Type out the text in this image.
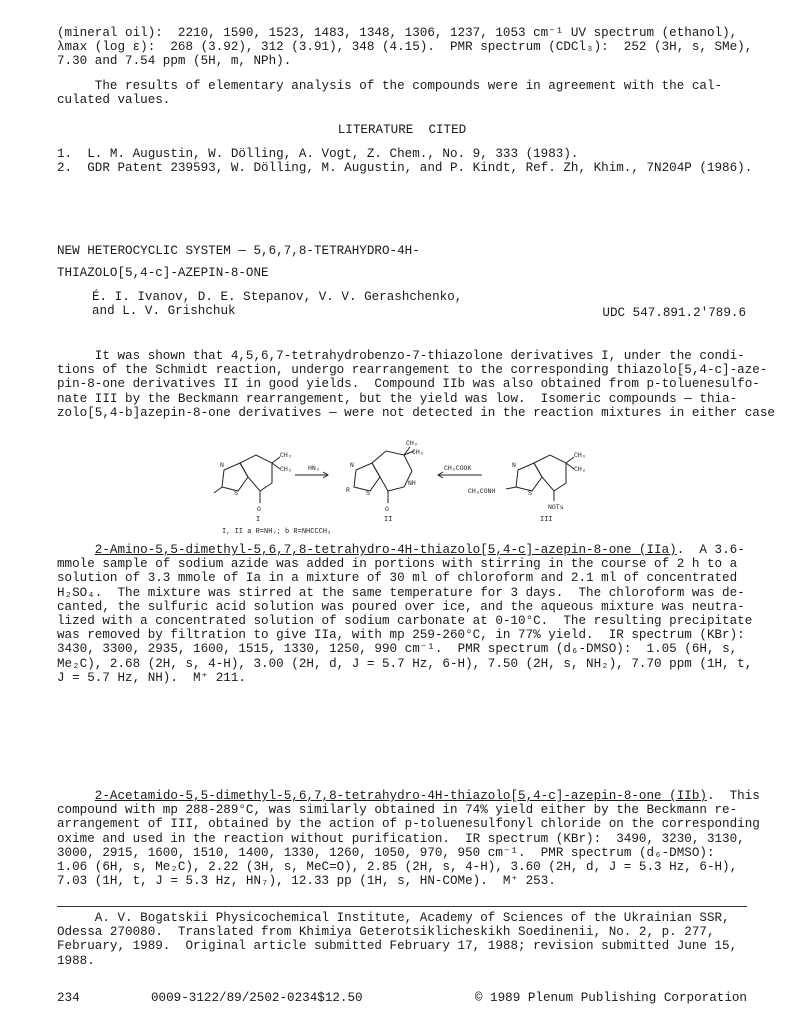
(mineral oil):  2210, 1590, 1523, 1483, 1348, 1306, 1237, 1053 cm⁻¹ UV spectrum (ethanol),
λmax (log ε):  268 (3.92), 312 (3.91), 348 (4.15).  PMR spectrum (CDCl₃):  252 (3H, s, SMe),
7.30 and 7.54 ppm (5H, m, NPh).
The results of elementary analysis of the compounds were in agreement with the cal-
culated values.
LITERATURE  CITED
1.  L. M. Augustin, W. Dölling, A. Vogt, Z. Chem., No. 9, 333 (1983).
2.  GDR Patent 239593, W. Dölling, M. Augustin, and P. Kindt, Ref. Zh, Khim., 7N204P (1986).
NEW HETEROCYCLIC SYSTEM — 5,6,7,8-TETRAHYDRO-4H-
THIAZOLO[5,4-c]-AZEPIN-8-ONE
É. I. Ivanov, D. E. Stepanov, V. V. Gerashchenko,
and L. V. Grishchuk	UDC 547.891.2'789.6
It was shown that 4,5,6,7-tetrahydrobenzo-7-thiazolone derivatives I, under the condi-
tions of the Schmidt reaction, undergo rearrangement to the corresponding thiazolo[5,4-c]-aze-
pin-8-one derivatives II in good yields.  Compound IIb was also obtained from p-toluenesulfo-
nate III by the Beckmann rearrangement, but the yield was low.  Isomeric compounds — thia-
zolo[5,4-b]azepin-8-one derivatives — were not detected in the reaction mixtures in either case
N
S
CH₃
CH₃
O
HN₃	N
S
R
CH₃
CH₃
NH
O
CH₃COOK	N
S
CH₃CONH
CH₃
CH₃
NOTs
I	II	III
I, II a R=NH₂; b R=NHCCCH₃
2-Amino-5,5-dimethyl-5,6,7,8-tetrahydro-4H-thiazolo[5,4-c]-azepin-8-one (IIa).  A 3.6-
mmole sample of sodium azide was added in portions with stirring in the course of 2 h to a
solution of 3.3 mmole of Ia in a mixture of 30 ml of chloroform and 2.1 ml of concentrated
H₂SO₄.  The mixture was stirred at the same temperature for 3 days.  The chloroform was de-
canted, the sulfuric acid solution was poured over ice, and the aqueous mixture was neutra-
lized with a concentrated solution of sodium carbonate at 0-10°C.  The resulting precipitate
was removed by filtration to give IIa, with mp 259-260°C, in 77% yield.  IR spectrum (KBr):
3430, 3300, 2935, 1600, 1515, 1330, 1250, 990 cm⁻¹.  PMR spectrum (d₆-DMSO):  1.05 (6H, s,
Me₂C), 2.68 (2H, s, 4-H), 3.00 (2H, d, J = 5.7 Hz, 6-H), 7.50 (2H, s, NH₂), 7.70 ppm (1H, t,
J = 5.7 Hz, NH).  M⁺ 211.
2-Acetamido-5,5-dimethyl-5,6,7,8-tetrahydro-4H-thiazolo[5,4-c]-azepin-8-one (IIb).  This
compound with mp 288-289°C, was similarly obtained in 74% yield either by the Beckmann re-
arrangement of III, obtained by the action of p-toluenesulfonyl chloride on the corresponding
oxime and used in the reaction without purification.  IR spectrum (KBr):  3490, 3230, 3130,
3000, 2915, 1600, 1510, 1400, 1330, 1260, 1050, 970, 950 cm⁻¹.  PMR spectrum (d₆-DMSO):
1.06 (6H, s, Me₂C), 2.22 (3H, s, MeC=O), 2.85 (2H, s, 4-H), 3.60 (2H, d, J = 5.3 Hz, 6-H),
7.03 (1H, t, J = 5.3 Hz, HN₇), 12.33 pp (1H, s, HN-COMe).  M⁺ 253.
A. V. Bogatskii Physicochemical Institute, Academy of Sciences of the Ukrainian SSR,
Odessa 270080.  Translated from Khimiya Geterotsiklicheskikh Soedinenii, No. 2, p. 277,
February, 1989.  Original article submitted February 17, 1988; revision submitted June 15,
1988.
234	0009-3122/89/2502-0234$12.50	© 1989 Plenum Publishing Corporation
